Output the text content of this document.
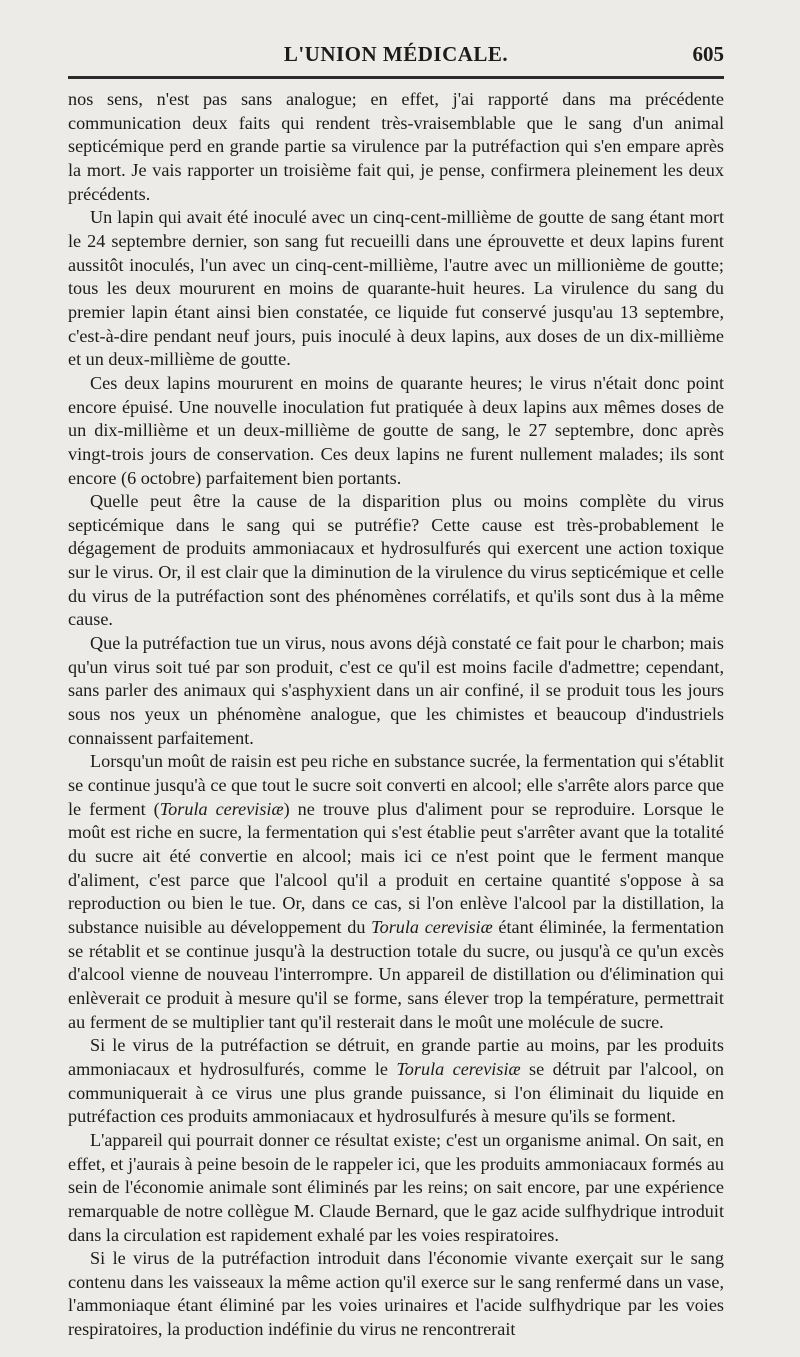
L'UNION MÉDICALE.	605

nos sens, n'est pas sans analogue; en effet, j'ai rapporté dans ma précédente communication deux faits qui rendent très-vraisemblable que le sang d'un animal septicémique perd en grande partie sa virulence par la putréfaction qui s'en empare après la mort. Je vais rapporter un troisième fait qui, je pense, confirmera pleinement les deux précédents.

Un lapin qui avait été inoculé avec un cinq-cent-millième de goutte de sang étant mort le 24 septembre dernier, son sang fut recueilli dans une éprouvette et deux lapins furent aussitôt inoculés, l'un avec un cinq-cent-millième, l'autre avec un millionième de goutte; tous les deux moururent en moins de quarante-huit heures. La virulence du sang du premier lapin étant ainsi bien constatée, ce liquide fut conservé jusqu'au 13 septembre, c'est-à-dire pendant neuf jours, puis inoculé à deux lapins, aux doses de un dix-millième et un deux-millième de goutte.

Ces deux lapins moururent en moins de quarante heures; le virus n'était donc point encore épuisé. Une nouvelle inoculation fut pratiquée à deux lapins aux mêmes doses de un dix-millième et un deux-millième de goutte de sang, le 27 septembre, donc après vingt-trois jours de conservation. Ces deux lapins ne furent nullement malades; ils sont encore (6 octobre) parfaitement bien portants.

Quelle peut être la cause de la disparition plus ou moins complète du virus septicémique dans le sang qui se putréfie? Cette cause est très-probablement le dégagement de produits ammoniacaux et hydrosulfurés qui exercent une action toxique sur le virus. Or, il est clair que la diminution de la virulence du virus septicémique et celle du virus de la putréfaction sont des phénomènes corrélatifs, et qu'ils sont dus à la même cause.

Que la putréfaction tue un virus, nous avons déjà constaté ce fait pour le charbon; mais qu'un virus soit tué par son produit, c'est ce qu'il est moins facile d'admettre; cependant, sans parler des animaux qui s'asphyxient dans un air confiné, il se produit tous les jours sous nos yeux un phénomène analogue, que les chimistes et beaucoup d'industriels connaissent parfaitement.

Lorsqu'un moût de raisin est peu riche en substance sucrée, la fermentation qui s'établit se continue jusqu'à ce que tout le sucre soit converti en alcool; elle s'arrête alors parce que le ferment (Torula cerevisiæ) ne trouve plus d'aliment pour se reproduire. Lorsque le moût est riche en sucre, la fermentation qui s'est établie peut s'arrêter avant que la totalité du sucre ait été convertie en alcool; mais ici ce n'est point que le ferment manque d'aliment, c'est parce que l'alcool qu'il a produit en certaine quantité s'oppose à sa reproduction ou bien le tue. Or, dans ce cas, si l'on enlève l'alcool par la distillation, la substance nuisible au développement du Torula cerevisiæ étant éliminée, la fermentation se rétablit et se continue jusqu'à la destruction totale du sucre, ou jusqu'à ce qu'un excès d'alcool vienne de nouveau l'interrompre. Un appareil de distillation ou d'élimination qui enlèverait ce produit à mesure qu'il se forme, sans élever trop la température, permettrait au ferment de se multiplier tant qu'il resterait dans le moût une molécule de sucre.

Si le virus de la putréfaction se détruit, en grande partie au moins, par les produits ammoniacaux et hydrosulfurés, comme le Torula cerevisiæ se détruit par l'alcool, on communiquerait à ce virus une plus grande puissance, si l'on éliminait du liquide en putréfaction ces produits ammoniacaux et hydrosulfurés à mesure qu'ils se forment.

L'appareil qui pourrait donner ce résultat existe; c'est un organisme animal. On sait, en effet, et j'aurais à peine besoin de le rappeler ici, que les produits ammoniacaux formés au sein de l'économie animale sont éliminés par les reins; on sait encore, par une expérience remarquable de notre collègue M. Claude Bernard, que le gaz acide sulfhydrique introduit dans la circulation est rapidement exhalé par les voies respiratoires.

Si le virus de la putréfaction introduit dans l'économie vivante exerçait sur le sang contenu dans les vaisseaux la même action qu'il exerce sur le sang renfermé dans un vase, l'ammoniaque étant éliminé par les voies urinaires et l'acide sulfhydrique par les voies respiratoires, la production indéfinie du virus ne rencontrerait
